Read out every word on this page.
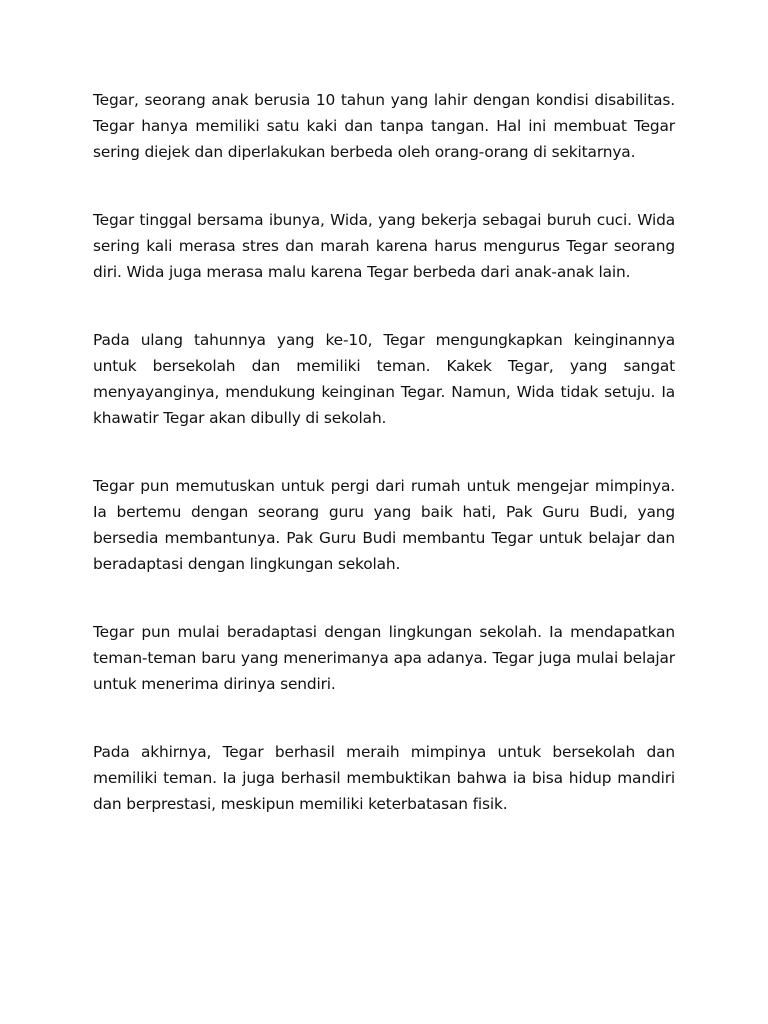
Tegar, seorang anak berusia 10 tahun yang lahir dengan kondisi disabilitas. Tegar hanya memiliki satu kaki dan tanpa tangan. Hal ini membuat Tegar sering diejek dan diperlakukan berbeda oleh orang-orang di sekitarnya.

Tegar tinggal bersama ibunya, Wida, yang bekerja sebagai buruh cuci. Wida sering kali merasa stres dan marah karena harus mengurus Tegar seorang diri. Wida juga merasa malu karena Tegar berbeda dari anak-anak lain.

Pada ulang tahunnya yang ke-10, Tegar mengungkapkan keinginannya untuk bersekolah dan memiliki teman. Kakek Tegar, yang sangat menyayanginya, mendukung keinginan Tegar. Namun, Wida tidak setuju. Ia khawatir Tegar akan dibully di sekolah.

Tegar pun memutuskan untuk pergi dari rumah untuk mengejar mimpinya. Ia bertemu dengan seorang guru yang baik hati, Pak Guru Budi, yang bersedia membantunya. Pak Guru Budi membantu Tegar untuk belajar dan beradaptasi dengan lingkungan sekolah.

Tegar pun mulai beradaptasi dengan lingkungan sekolah. Ia mendapatkan teman-teman baru yang menerimanya apa adanya. Tegar juga mulai belajar untuk menerima dirinya sendiri.

Pada akhirnya, Tegar berhasil meraih mimpinya untuk bersekolah dan memiliki teman. Ia juga berhasil membuktikan bahwa ia bisa hidup mandiri dan berprestasi, meskipun memiliki keterbatasan fisik.
